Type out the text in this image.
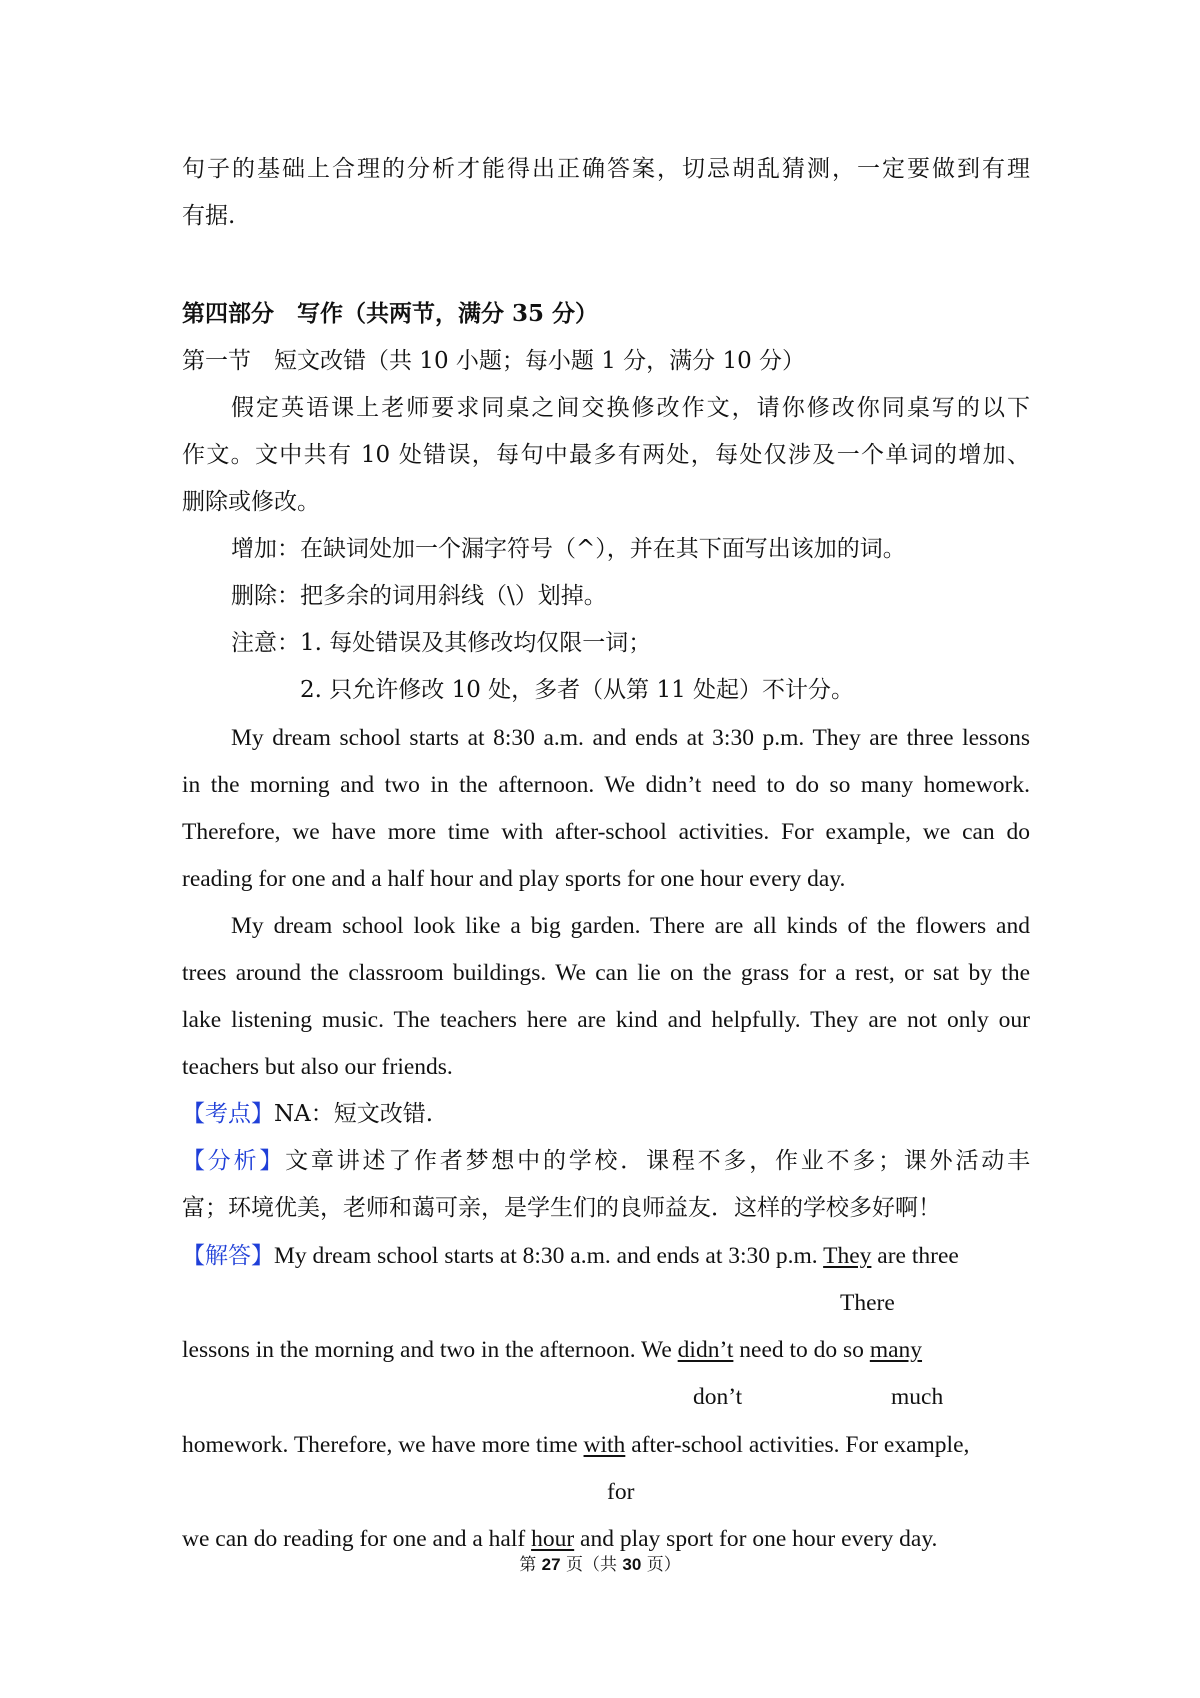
句子的基础上合理的分析才能得出正确答案，切忌胡乱猜测，一定要做到有理
有据.
第四部分　写作（共两节，满分 35 分）
第一节　短文改错（共 10 小题；每小题 1 分，满分 10 分）
假定英语课上老师要求同桌之间交换修改作文，请你修改你同桌写的以下
作文。文中共有 10 处错误，每句中最多有两处，每处仅涉及一个单词的增加、
删除或修改。
增加：在缺词处加一个漏字符号（^），并在其下面写出该加的词。
删除：把多余的词用斜线（\）划掉。
注意：1. 每处错误及其修改均仅限一词；
2. 只允许修改 10 处，多者（从第 11 处起）不计分。
My dream school starts at 8:30 a.m. and ends at 3:30 p.m. They are three lessons
in the morning and two in the afternoon. We didn’t need to do so many homework.
Therefore, we have more time with after-school activities. For example, we can do
reading for one and a half hour and play sports for one hour every day.
My dream school look like a big garden. There are all kinds of the flowers and
trees around the classroom buildings. We can lie on the grass for a rest, or sat by the
lake listening music. The teachers here are kind and helpfully. They are not only our
teachers but also our friends.
【考点】NA：短文改错.
【分析】文章讲述了作者梦想中的学校．课程不多，作业不多；课外活动丰
富；环境优美，老师和蔼可亲，是学生们的良师益友．这样的学校多好啊！
【解答】My dream school starts at 8:30 a.m. and ends at 3:30 p.m. They are three
There
lessons in the morning and two in the afternoon. We didn’t need to do so many
don’t	much
homework. Therefore, we have more time with after-school activities. For example,
for
we can do reading for one and a half hour and play sport for one hour every day.
第 27 页（共 30 页）
